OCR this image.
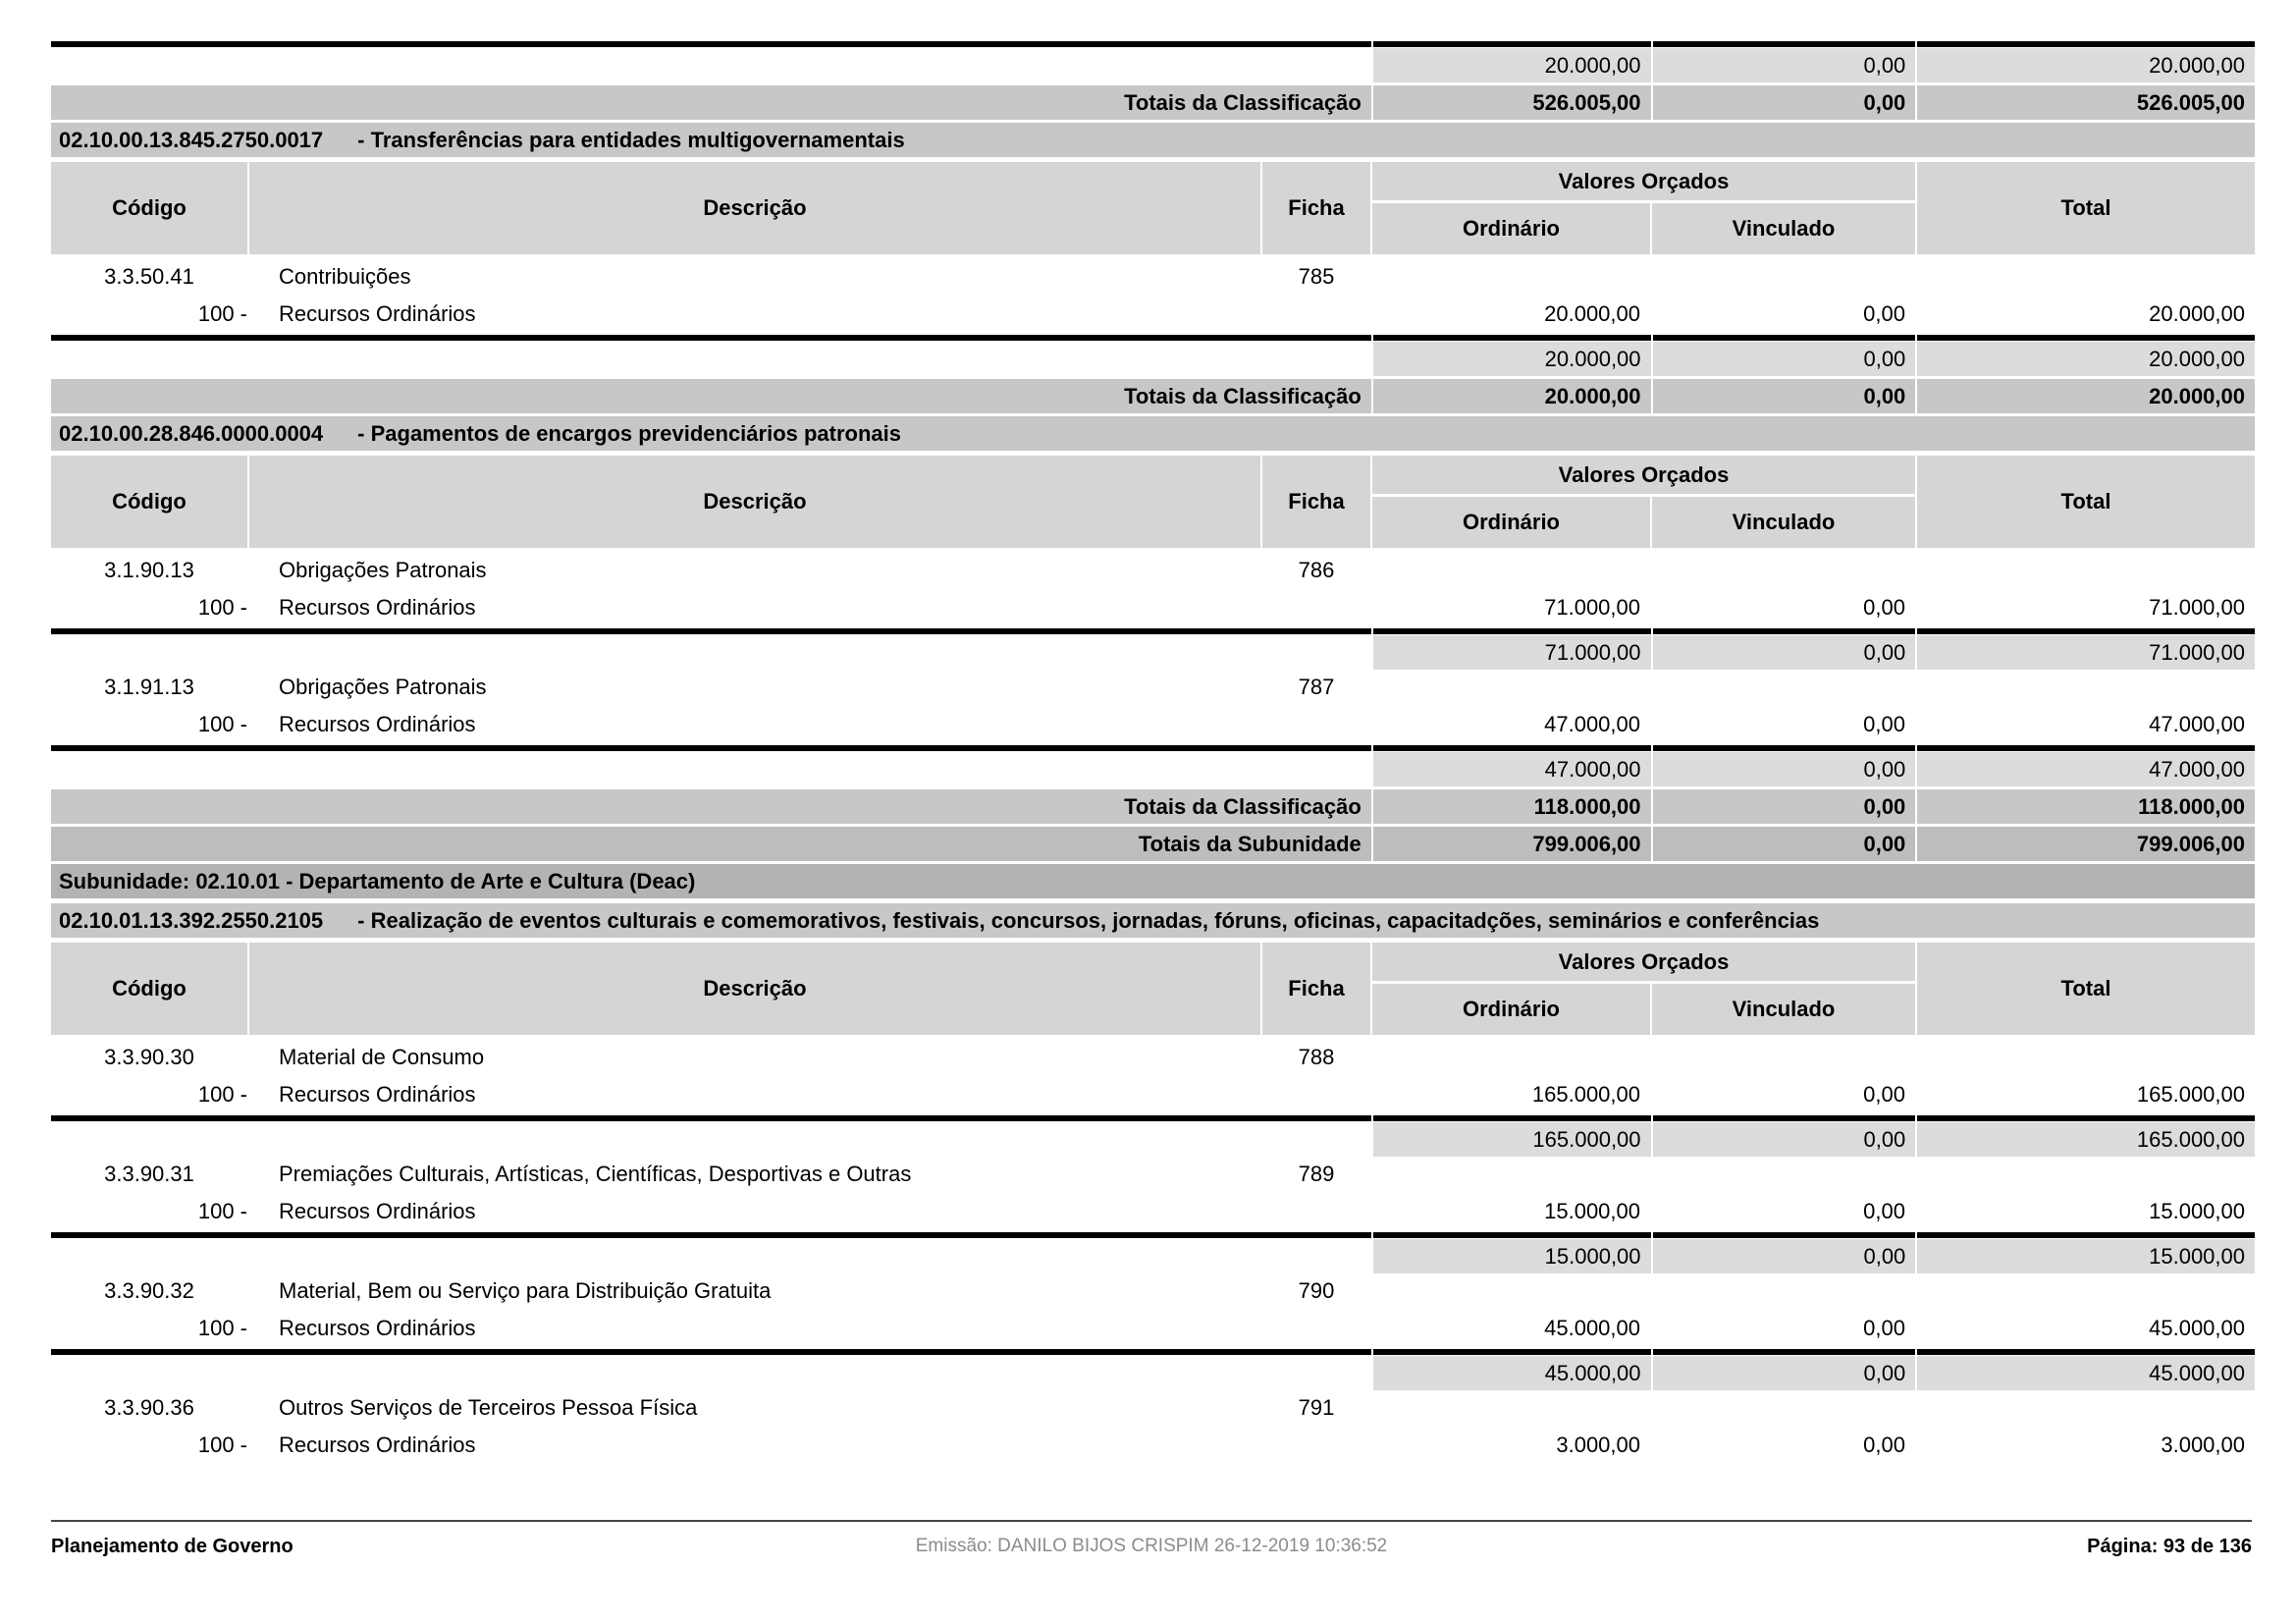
20.000,00	0,00	20.000,00
Totais da Classificação	526.005,00	0,00	526.005,00
02.10.00.13.845.2750.0017 - Transferências para entidades multigovernamentais
Código	Descrição	Ficha
Valores Orçados
Ordinário	Vinculado
Total
3.3.50.41	Contribuições	785
100 -	Recursos Ordinários	20.000,00	0,00	20.000,00
20.000,00	0,00	20.000,00
Totais da Classificação	20.000,00	0,00	20.000,00
02.10.00.28.846.0000.0004 - Pagamentos de encargos previdenciários patronais
Código	Descrição	Ficha
Valores Orçados
Ordinário	Vinculado
Total
3.1.90.13	Obrigações Patronais	786
100 -	Recursos Ordinários	71.000,00	0,00	71.000,00
71.000,00	0,00	71.000,00
3.1.91.13	Obrigações Patronais	787
100 -	Recursos Ordinários	47.000,00	0,00	47.000,00
47.000,00	0,00	47.000,00
Totais da Classificação	118.000,00	0,00	118.000,00
Totais da Subunidade	799.006,00	0,00	799.006,00
Subunidade: 02.10.01 - Departamento de Arte e Cultura (Deac)
02.10.01.13.392.2550.2105 - Realização de eventos culturais e comemorativos, festivais, concursos, jornadas, fóruns, oficinas, capacitadções, seminários e conferências
Código	Descrição	Ficha
Valores Orçados
Ordinário	Vinculado
Total
3.3.90.30	Material de Consumo	788
100 -	Recursos Ordinários	165.000,00	0,00	165.000,00
165.000,00	0,00	165.000,00
3.3.90.31	Premiações Culturais, Artísticas, Científicas, Desportivas e Outras	789
100 -	Recursos Ordinários	15.000,00	0,00	15.000,00
15.000,00	0,00	15.000,00
3.3.90.32	Material, Bem ou Serviço para Distribuição Gratuita	790
100 -	Recursos Ordinários	45.000,00	0,00	45.000,00
45.000,00	0,00	45.000,00
3.3.90.36	Outros Serviços de Terceiros Pessoa Física	791
100 -	Recursos Ordinários	3.000,00	0,00	3.000,00
Planejamento de Governo	Emissão: DANILO BIJOS CRISPIM 26-12-2019 10:36:52	Página: 93 de 136
